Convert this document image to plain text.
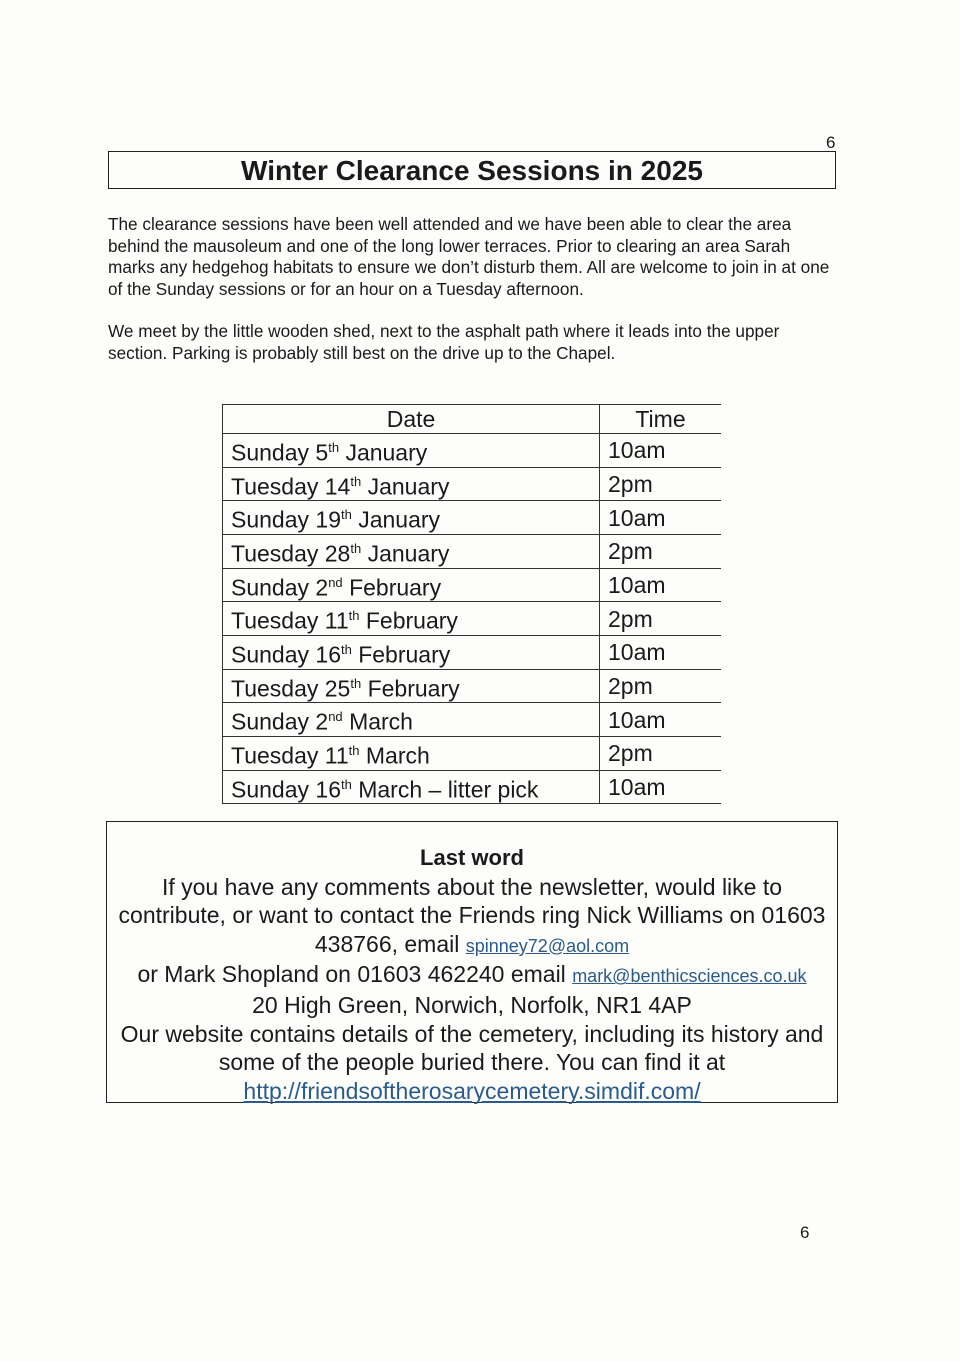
6
Winter Clearance Sessions in 2025
The clearance sessions have been well attended and we have been able to clear the area behind the mausoleum and one of the long lower terraces. Prior to clearing an area Sarah marks any hedgehog habitats to ensure we don’t disturb them. All are welcome to join in at one of the Sunday sessions or for an hour on a Tuesday afternoon.
We meet by the little wooden shed, next to the asphalt path where it leads into the upper section. Parking is probably still best on the drive up to the Chapel.
Date	Time
Sunday 5th January	10am
Tuesday 14th January	2pm
Sunday 19th January	10am
Tuesday 28th January	2pm
Sunday 2nd February	10am
Tuesday 11th February	2pm
Sunday 16th February	10am
Tuesday 25th February	2pm
Sunday 2nd March	10am
Tuesday 11th March	2pm
Sunday 16th March – litter pick	10am
Last word
If you have any comments about the newsletter, would like to contribute, or want to contact the Friends ring Nick Williams on 01603 438766, email spinney72@aol.com
or Mark Shopland on 01603 462240 email mark@benthicsciences.co.uk
20 High Green, Norwich, Norfolk, NR1 4AP
Our website contains details of the cemetery, including its history and some of the people buried there. You can find it at
http://friendsoftherosarycemetery.simdif.com/
6
